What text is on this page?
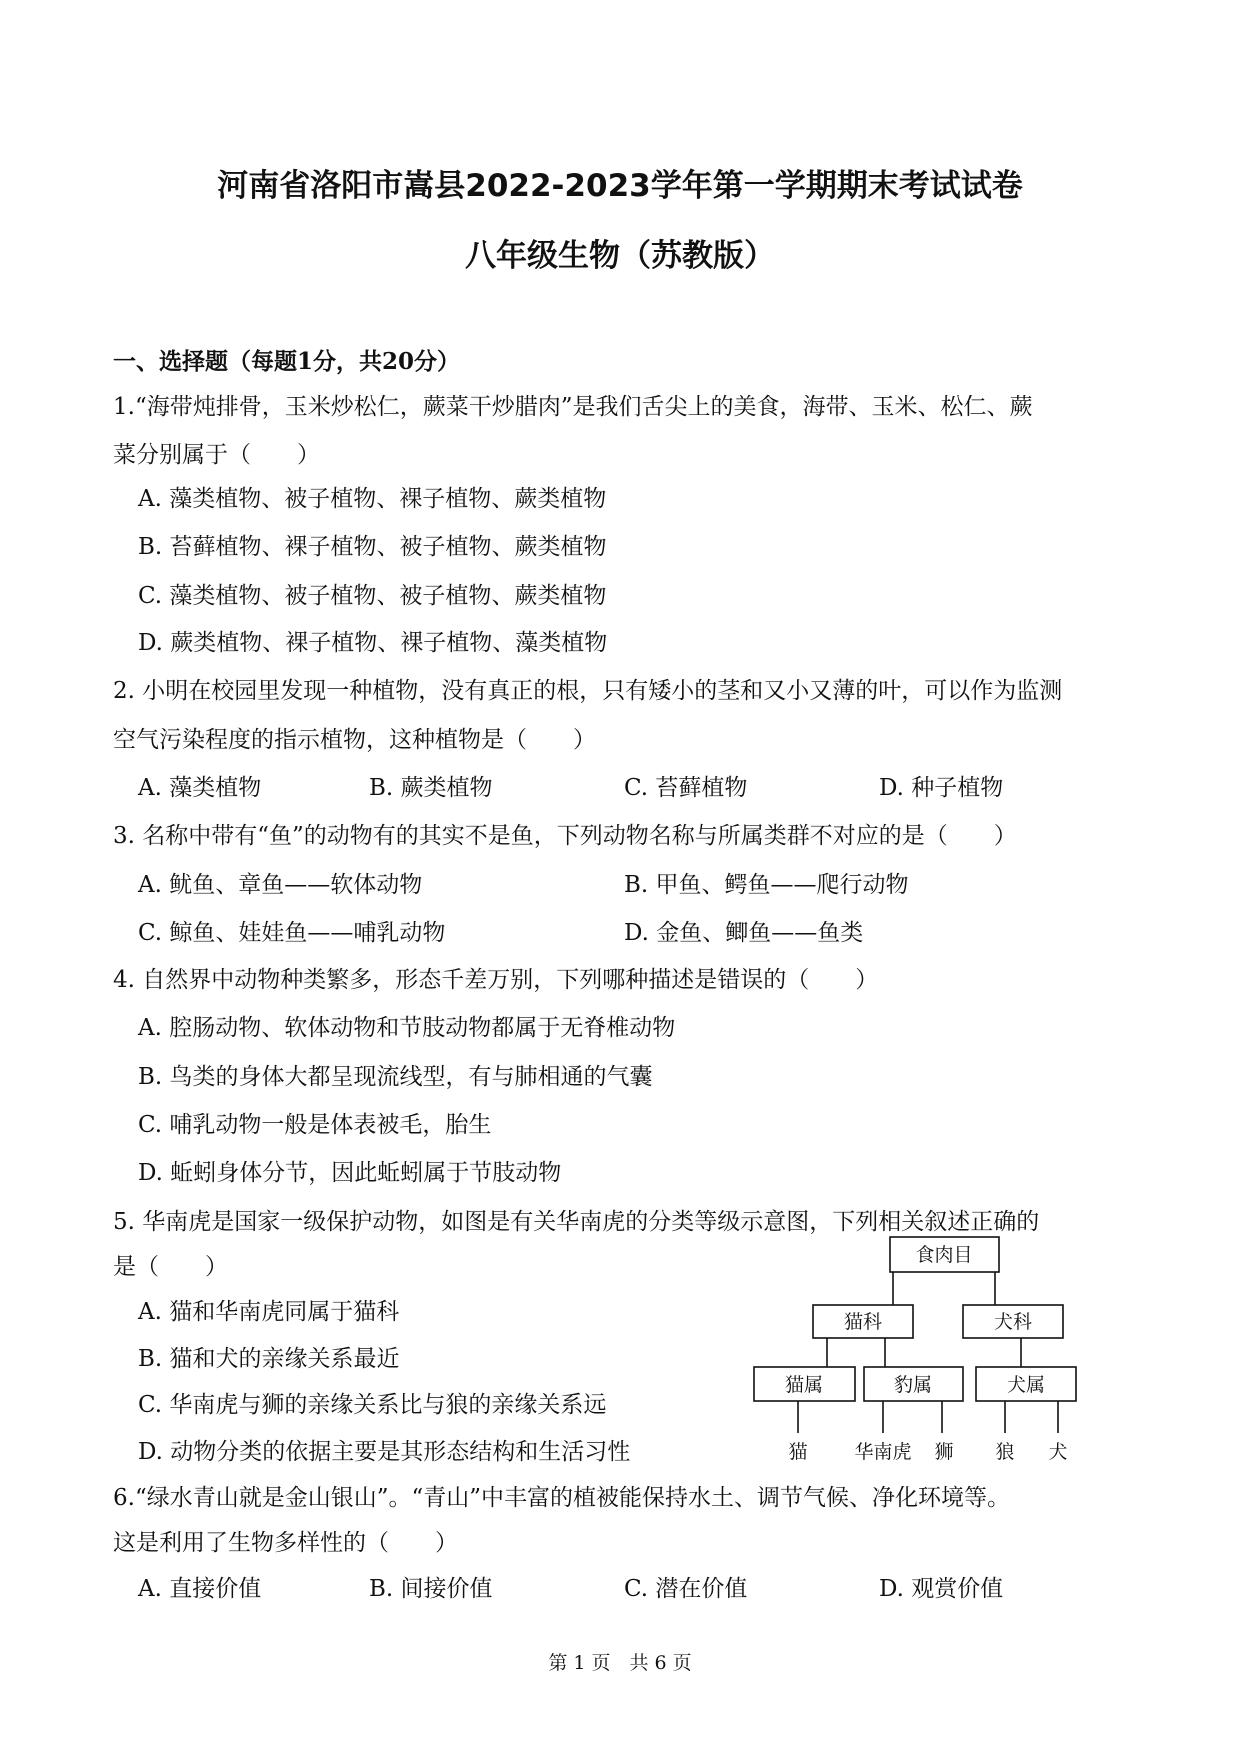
河南省洛阳市嵩县2022-2023学年第一学期期末考试试卷
八年级生物（苏教版）
一、选择题（每题1分，共20分）
1.“海带炖排骨，玉米炒松仁，蕨菜干炒腊肉”是我们舌尖上的美食，海带、玉米、松仁、蕨
菜分别属于（　　）
A. 藻类植物、被子植物、裸子植物、蕨类植物
B. 苔藓植物、裸子植物、被子植物、蕨类植物
C. 藻类植物、被子植物、被子植物、蕨类植物
D. 蕨类植物、裸子植物、裸子植物、藻类植物
2. 小明在校园里发现一种植物，没有真正的根，只有矮小的茎和又小又薄的叶，可以作为监测
空气污染程度的指示植物，这种植物是（　　）
A. 藻类植物	B. 蕨类植物	C. 苔藓植物	D. 种子植物
3. 名称中带有“鱼”的动物有的其实不是鱼，下列动物名称与所属类群不对应的是（　　）
A. 鱿鱼、章鱼——软体动物	B. 甲鱼、鳄鱼——爬行动物
C. 鲸鱼、娃娃鱼——哺乳动物	D. 金鱼、鲫鱼——鱼类
4. 自然界中动物种类繁多，形态千差万别，下列哪种描述是错误的（　　）
A. 腔肠动物、软体动物和节肢动物都属于无脊椎动物
B. 鸟类的身体大都呈现流线型，有与肺相通的气囊
C. 哺乳动物一般是体表被毛，胎生
D. 蚯蚓身体分节，因此蚯蚓属于节肢动物
5. 华南虎是国家一级保护动物，如图是有关华南虎的分类等级示意图，下列相关叙述正确的
是（　　）
A. 猫和华南虎同属于猫科
B. 猫和犬的亲缘关系最近
C. 华南虎与狮的亲缘关系比与狼的亲缘关系远
D. 动物分类的依据主要是其形态结构和生活习性
食肉目
猫科	犬科
猫属	豹属	犬属
猫 华南虎 狮 狼 犬
6.“绿水青山就是金山银山”。“青山”中丰富的植被能保持水土、调节气候、净化环境等。
这是利用了生物多样性的（　　）
A. 直接价值	B. 间接价值	C. 潜在价值	D. 观赏价值
第 1 页　共 6 页
